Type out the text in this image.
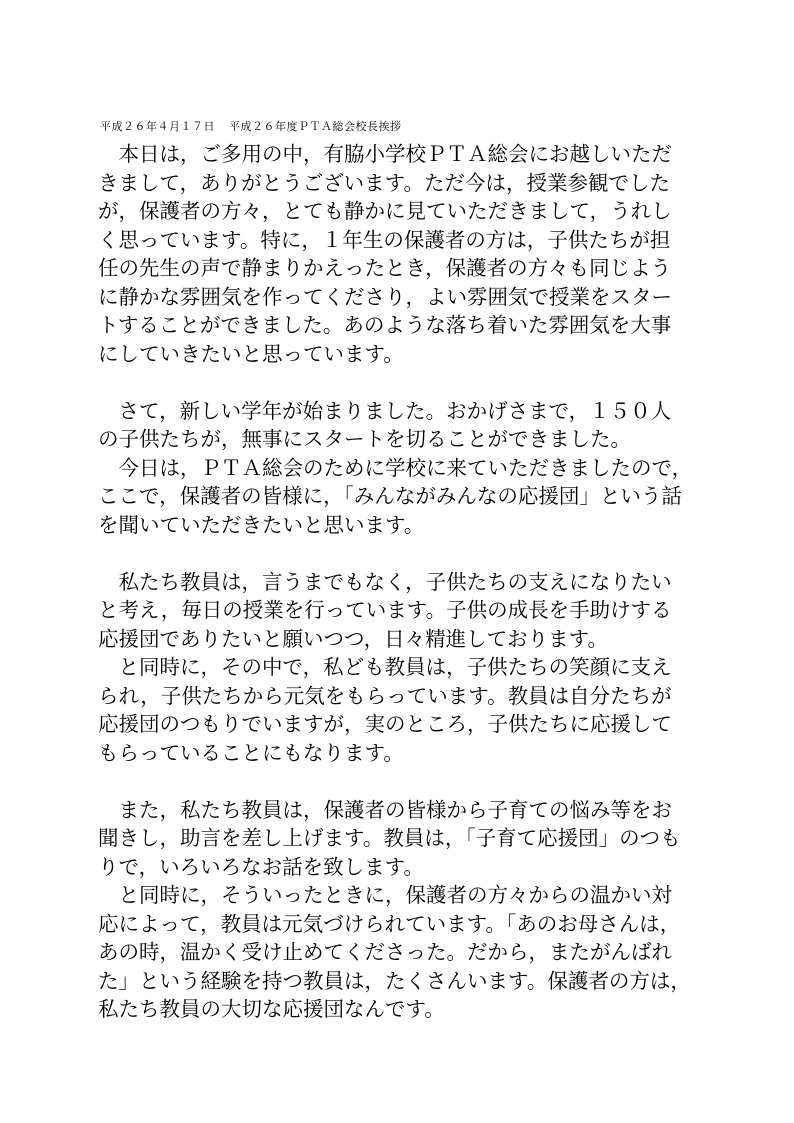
平成２６年４月１７日 平成２６年度ＰＴＡ総会校長挨拶
　本日は，ご多用の中，有脇小学校ＰＴＡ総会にお越しいただ
きまして，ありがとうございます。ただ今は，授業参観でした
が，保護者の方々，とても静かに見ていただきまして，うれし
く思っています。特に，１年生の保護者の方は，子供たちが担
任の先生の声で静まりかえったとき，保護者の方々も同じよう
に静かな雰囲気を作ってくださり，よい雰囲気で授業をスター
トすることができました。あのような落ち着いた雰囲気を大事
にしていきたいと思っています。
　さて，新しい学年が始まりました。おかげさまで，１５０人
の子供たちが，無事にスタートを切ることができました。
　今日は，ＰＴＡ総会のために学校に来ていただきましたので，
ここで，保護者の皆様に，「みんながみんなの応援団」という話
を聞いていただきたいと思います。
　私たち教員は，言うまでもなく，子供たちの支えになりたい
と考え，毎日の授業を行っています。子供の成長を手助けする
応援団でありたいと願いつつ，日々精進しております。
　と同時に，その中で，私ども教員は，子供たちの笑顔に支え
られ，子供たちから元気をもらっています。教員は自分たちが
応援団のつもりでいますが，実のところ，子供たちに応援して
もらっていることにもなります。
　また，私たち教員は，保護者の皆様から子育ての悩み等をお
聞きし，助言を差し上げます。教員は，「子育て応援団」のつも
りで，いろいろなお話を致します。
　と同時に，そういったときに，保護者の方々からの温かい対
応によって，教員は元気づけられています。「あのお母さんは，
あの時，温かく受け止めてくださった。だから，またがんばれ
た」という経験を持つ教員は，たくさんいます。保護者の方は，
私たち教員の大切な応援団なんです。
